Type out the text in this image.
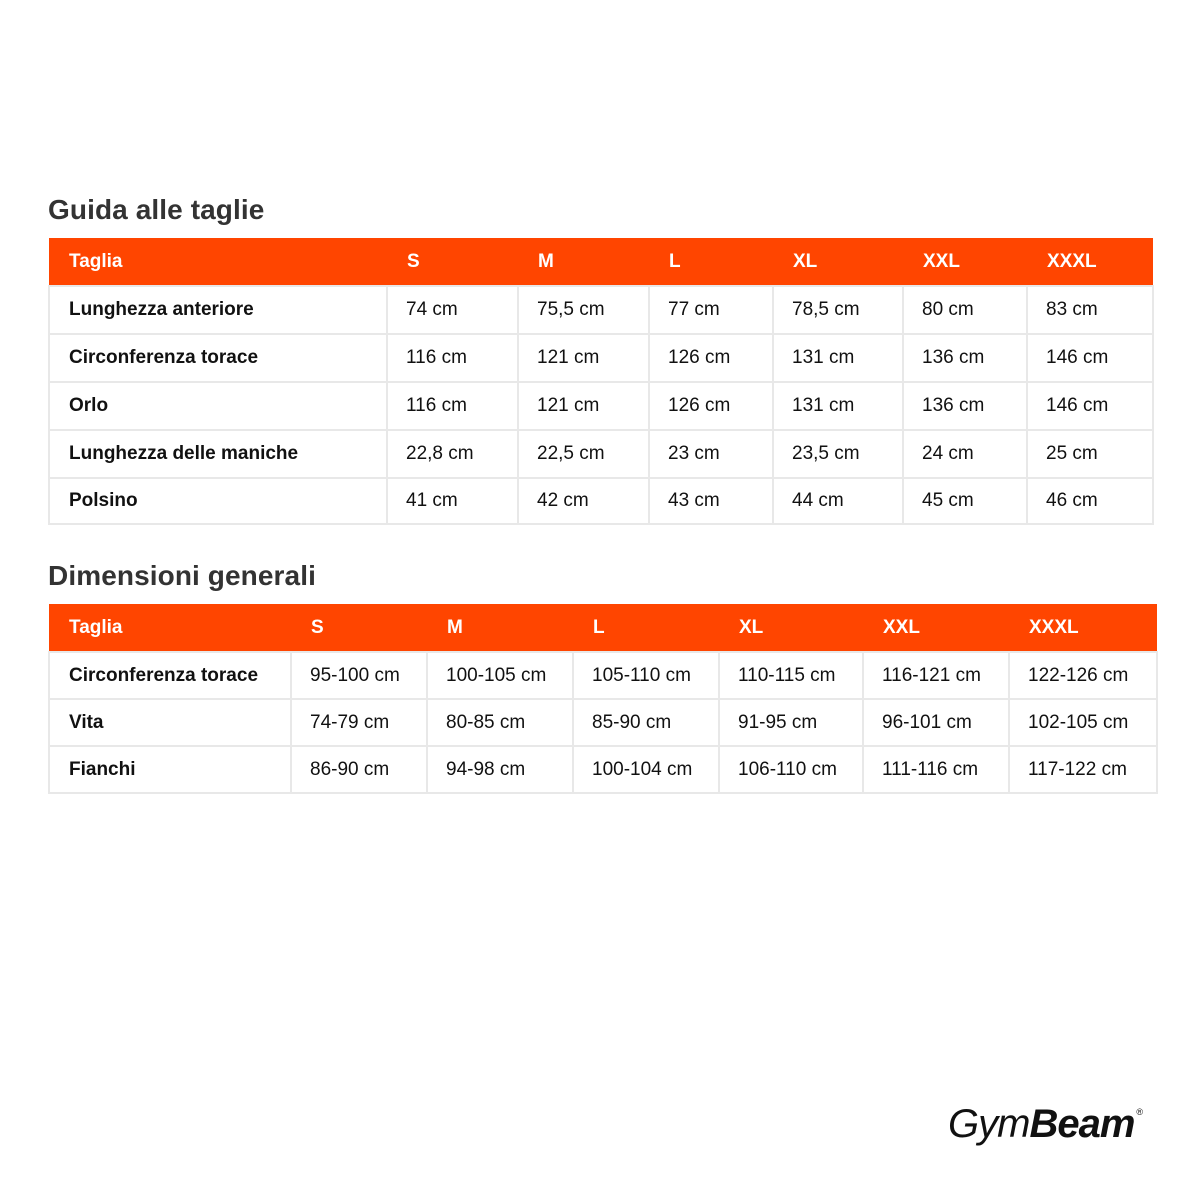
Guida alle taglie
Taglia	S	M	L	XL	XXL	XXXL
Lunghezza anteriore	74 cm	75,5 cm	77 cm	78,5 cm	80 cm	83 cm
Circonferenza torace	116 cm	121 cm	126 cm	131 cm	136 cm	146 cm
Orlo	116 cm	121 cm	126 cm	131 cm	136 cm	146 cm
Lunghezza delle maniche	22,8 cm	22,5 cm	23 cm	23,5 cm	24 cm	25 cm
Polsino	41 cm	42 cm	43 cm	44 cm	45 cm	46 cm
Dimensioni generali
Taglia	S	M	L	XL	XXL	XXXL
Circonferenza torace	95-100 cm	100-105 cm	105-110 cm	110-115 cm	116-121 cm	122-126 cm
Vita	74-79 cm	80-85 cm	85-90 cm	91-95 cm	96-101 cm	102-105 cm
Fianchi	86-90 cm	94-98 cm	100-104 cm	106-110 cm	111-116 cm	117-122 cm
GymBeam ®
